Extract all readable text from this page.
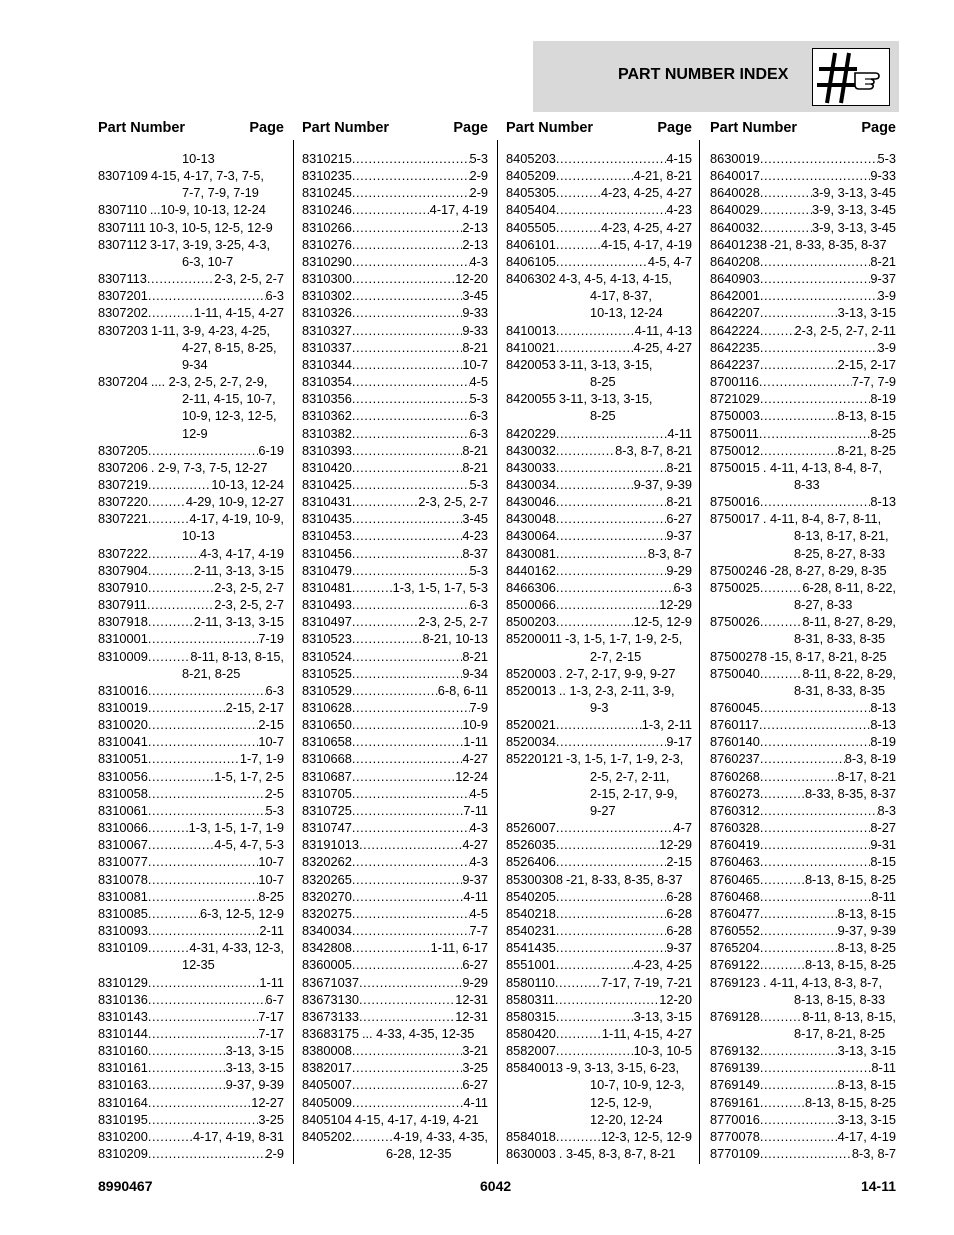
PART NUMBER INDEX
Part Number	Page
10-13
8307109 4-15, 4-17, 7-3, 7-5,
7-7, 7-9, 7-19
8307110 ...10-9, 10-13, 12-24
8307111 10-3, 10-5, 12-5, 12-9
8307112 3-17, 3-19, 3-25, 4-3,
6-3, 10-7
8307113 .....	2-3, 2-5, 2-7
8307201 .....	6-3
8307202 .....	1-11, 4-15, 4-27
8307203 1-11, 3-9, 4-23, 4-25,
4-27, 8-15, 8-25,
9-34
8307204 .... 2-3, 2-5, 2-7, 2-9,
2-11, 4-15, 10-7,
10-9, 12-3, 12-5,
12-9
8307205 .....	6-19
8307206 . 2-9, 7-3, 7-5, 12-27
8307219 .....	10-13, 12-24
8307220 .....	4-29, 10-9, 12-27
8307221 .....	4-17, 4-19, 10-9,
10-13
8307222 .....	4-3, 4-17, 4-19
8307904 .....	2-11, 3-13, 3-15
8307910 .....	2-3, 2-5, 2-7
8307911 .....	2-3, 2-5, 2-7
8307918 .....	2-11, 3-13, 3-15
8310001 .....	7-19
8310009 .....	8-11, 8-13, 8-15,
8-21, 8-25
8310016 .....	6-3
8310019 .....	2-15, 2-17
8310020 .....	2-15
8310041 .....	10-7
8310051 .....	1-7, 1-9
8310056 .....	1-5, 1-7, 2-5
8310058 .....	2-5
8310061 .....	5-3
8310066 .....	1-3, 1-5, 1-7, 1-9
8310067 .....	4-5, 4-7, 5-3
8310077 .....	10-7
8310078 .....	10-7
8310081 .....	8-25
8310085 .....	6-3, 12-5, 12-9
8310093 .....	2-11
8310109 .....	4-31, 4-33, 12-3,
12-35
8310129 .....	1-11
8310136 .....	6-7
8310143 .....	7-17
8310144 .....	7-17
8310160 .....	3-13, 3-15
8310161 .....	3-13, 3-15
8310163 .....	9-37, 9-39
8310164 .....	12-27
8310195 .....	3-25
8310200 .....	4-17, 4-19, 8-31
8310209 .....	2-9
Part Number	Page
8310215 .....	5-3
8310235 .....	2-9
8310245 .....	2-9
8310246 .....	4-17, 4-19
8310266 .....	2-13
8310276 .....	2-13
8310290 .....	4-3
8310300 .....	12-20
8310302 .....	3-45
8310326 .....	9-33
8310327 .....	9-33
8310337 .....	8-21
8310344 .....	10-7
8310354 .....	4-5
8310356 .....	5-3
8310362 .....	6-3
8310382 .....	6-3
8310393 .....	8-21
8310420 .....	8-21
8310425 .....	5-3
8310431 .....	2-3, 2-5, 2-7
8310435 .....	3-45
8310453 .....	4-23
8310456 .....	8-37
8310479 .....	5-3
8310481 .....	1-3, 1-5, 1-7, 5-3
8310493 .....	6-3
8310497 .....	2-3, 2-5, 2-7
8310523 .....	8-21, 10-13
8310524 .....	8-21
8310525 .....	9-34
8310529 .....	6-8, 6-11
8310628 .....	7-9
8310650 .....	10-9
8310658 .....	1-11
8310668 .....	4-27
8310687 .....	12-24
8310705 .....	4-5
8310725 .....	7-11
8310747 .....	4-3
83191013 .....	4-27
8320262 .....	4-3
8320265 .....	9-37
8320270 .....	4-11
8320275 .....	4-5
8340034 .....	7-7
8342808 .....	1-11, 6-17
8360005 .....	6-27
83671037 .....	9-29
83673130 .....	12-31
83673133 .....	12-31
83683175 ... 4-33, 4-35, 12-35
8380008 .....	3-21
8382017 .....	3-25
8405007 .....	6-27
8405009 .....	4-11
8405104 4-15, 4-17, 4-19, 4-21
8405202 .....	4-19, 4-33, 4-35,
6-28, 12-35
Part Number	Page
8405203 .....	4-15
8405209 .....	4-21, 8-21
8405305 .....	4-23, 4-25, 4-27
8405404 .....	4-23
8405505 .....	4-23, 4-25, 4-27
8406101 .....	4-15, 4-17, 4-19
8406105 .....	4-5, 4-7
8406302 4-3, 4-5, 4-13, 4-15,
4-17, 8-37,
10-13, 12-24
8410013 .....	4-11, 4-13
8410021 .....	4-25, 4-27
8420053 3-11, 3-13, 3-15,
8-25
8420055 3-11, 3-13, 3-15,
8-25
8420229 .....	4-11
8430032 .....	8-3, 8-7, 8-21
8430033 .....	8-21
8430034 .....	9-37, 9-39
8430046 .....	8-21
8430048 .....	6-27
8430064 .....	9-37
8430081 .....	8-3, 8-7
8440162 .....	9-29
8466306 .....	6-3
8500066 .....	12-29
8500203 .....	12-5, 12-9
85200011 -3, 1-5, 1-7, 1-9, 2-5,
2-7, 2-15
8520003 . 2-7, 2-17, 9-9, 9-27
8520013 .. 1-3, 2-3, 2-11, 3-9,
9-3
8520021 .....	1-3, 2-11
8520034 .....	9-17
85220121 -3, 1-5, 1-7, 1-9, 2-3,
2-5, 2-7, 2-11,
2-15, 2-17, 9-9,
9-27
8526007 .....	4-7
8526035 .....	12-29
8526406 .....	2-15
85300308 -21, 8-33, 8-35, 8-37
8540205 .....	6-28
8540218 .....	6-28
8540231 .....	6-28
8541435 .....	9-37
8551001 .....	4-23, 4-25
8580110 .....	7-17, 7-19, 7-21
8580311 .....	12-20
8580315 .....	3-13, 3-15
8580420 .....	1-11, 4-15, 4-27
8582007 .....	10-3, 10-5
85840013 -9, 3-13, 3-15, 6-23,
10-7, 10-9, 12-3,
12-5, 12-9,
12-20, 12-24
8584018 .....	12-3, 12-5, 12-9
8630003 . 3-45, 8-3, 8-7, 8-21
Part Number	Page
8630019 .....	5-3
8640017 .....	9-33
8640028 .....	3-9, 3-13, 3-45
8640029 .....	3-9, 3-13, 3-45
8640032 .....	3-9, 3-13, 3-45
86401238 -21, 8-33, 8-35, 8-37
8640208 .....	8-21
8640903 .....	9-37
8642001 .....	3-9
8642207 .....	3-13, 3-15
8642224 .....	2-3, 2-5, 2-7, 2-11
8642235 .....	3-9
8642237 .....	2-15, 2-17
8700116 .....	7-7, 7-9
8721029 .....	8-19
8750003 .....	8-13, 8-15
8750011 .....	8-25
8750012 .....	8-21, 8-25
8750015 . 4-11, 4-13, 8-4, 8-7,
8-33
8750016 .....	8-13
8750017 . 4-11, 8-4, 8-7, 8-11,
8-13, 8-17, 8-21,
8-25, 8-27, 8-33
87500246 -28, 8-27, 8-29, 8-35
8750025 .....	6-28, 8-11, 8-22,
8-27, 8-33
8750026 .....	8-11, 8-27, 8-29,
8-31, 8-33, 8-35
87500278 -15, 8-17, 8-21, 8-25
8750040 .....	8-11, 8-22, 8-29,
8-31, 8-33, 8-35
8760045 .....	8-13
8760117 .....	8-13
8760140 .....	8-19
8760237 .....	8-3, 8-19
8760268 .....	8-17, 8-21
8760273 .....	8-33, 8-35, 8-37
8760312 .....	8-3
8760328 .....	8-27
8760419 .....	9-31
8760463 .....	8-15
8760465 .....	8-13, 8-15, 8-25
8760468 .....	8-11
8760477 .....	8-13, 8-15
8760552 .....	9-37, 9-39
8765204 .....	8-13, 8-25
8769122 .....	8-13, 8-15, 8-25
8769123 . 4-11, 4-13, 8-3, 8-7,
8-13, 8-15, 8-33
8769128 .....	8-11, 8-13, 8-15,
8-17, 8-21, 8-25
8769132 .....	3-13, 3-15
8769139 .....	8-11
8769149 .....	8-13, 8-15
8769161 .....	8-13, 8-15, 8-25
8770016 .....	3-13, 3-15
8770078 .....	4-17, 4-19
8770109 .....	8-3, 8-7
8990467	6042	14-11
